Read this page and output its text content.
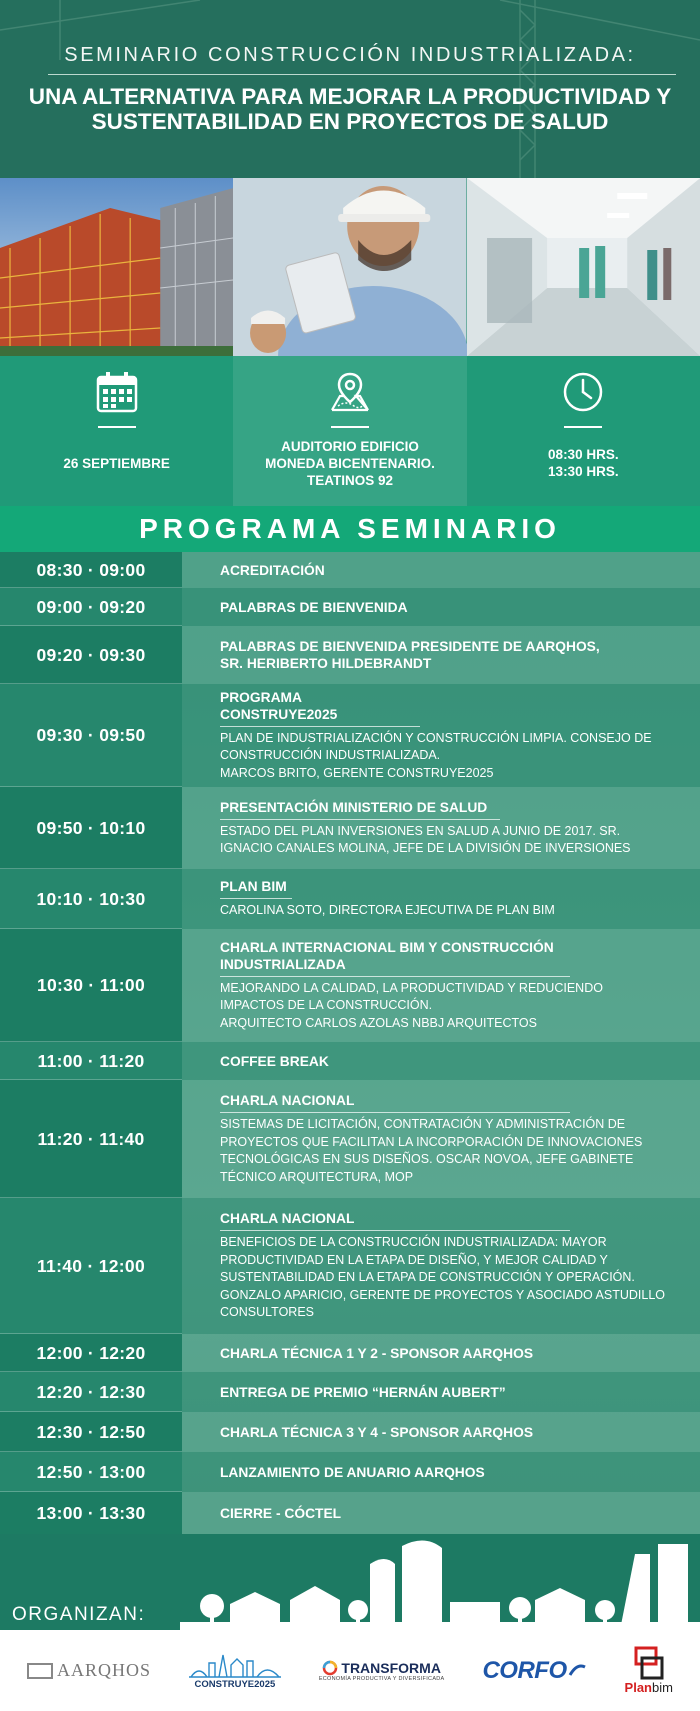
SEMINARIO CONSTRUCCIÓN INDUSTRIALIZADA:
UNA ALTERNATIVA PARA MEJORAR LA PRODUCTIVIDAD Y
SUSTENTABILIDAD EN PROYECTOS DE SALUD
26 SEPTIEMBRE
AUDITORIO EDIFICIO
MONEDA BICENTENARIO.
TEATINOS 92
08:30 HRS.
13:30 HRS.
PROGRAMA SEMINARIO
08:30 · 09:00	ACREDITACIÓN
09:00 · 09:20	PALABRAS DE BIENVENIDA
09:20 · 09:30	PALABRAS DE BIENVENIDA PRESIDENTE DE AARQHOS,
SR. HERIBERTO HILDEBRANDT
09:30 · 09:50
PROGRAMA CONSTRUYE2025
PLAN DE INDUSTRIALIZACIÓN Y CONSTRUCCIÓN LIMPIA. CONSEJO DE
CONSTRUCCIÓN INDUSTRIALIZADA.
MARCOS BRITO, GERENTE CONSTRUYE2025
09:50 · 10:10
PRESENTACIÓN MINISTERIO DE SALUD
ESTADO DEL PLAN INVERSIONES EN SALUD A JUNIO DE 2017. SR.
IGNACIO CANALES MOLINA, JEFE DE LA DIVISIÓN DE INVERSIONES
10:10 · 10:30
PLAN BIM
CAROLINA SOTO, DIRECTORA EJECUTIVA DE PLAN BIM
10:30 · 11:00
CHARLA INTERNACIONAL BIM Y CONSTRUCCIÓN
INDUSTRIALIZADA
MEJORANDO LA CALIDAD, LA PRODUCTIVIDAD Y REDUCIENDO
IMPACTOS DE LA CONSTRUCCIÓN.
ARQUITECTO CARLOS AZOLAS NBBJ ARQUITECTOS
11:00 · 11:20	COFFEE BREAK
11:20 · 11:40
CHARLA NACIONAL
SISTEMAS DE LICITACIÓN, CONTRATACIÓN Y ADMINISTRACIÓN DE
PROYECTOS QUE FACILITAN LA INCORPORACIÓN DE INNOVACIONES
TECNOLÓGICAS EN SUS DISEÑOS. OSCAR NOVOA, JEFE GABINETE
TÉCNICO ARQUITECTURA, MOP
11:40 · 12:00
CHARLA NACIONAL
BENEFICIOS DE LA CONSTRUCCIÓN INDUSTRIALIZADA: MAYOR
PRODUCTIVIDAD EN LA ETAPA DE DISEÑO, Y MEJOR CALIDAD Y
SUSTENTABILIDAD EN LA ETAPA DE CONSTRUCCIÓN Y OPERACIÓN.
GONZALO APARICIO, GERENTE DE PROYECTOS Y ASOCIADO ASTUDILLO
CONSULTORES
12:00 · 12:20	CHARLA TÉCNICA 1 Y 2 - SPONSOR AARQHOS
12:20 · 12:30	ENTREGA DE PREMIO “HERNÁN AUBERT”
12:30 · 12:50	CHARLA TÉCNICA 3 Y 4 - SPONSOR AARQHOS
12:50 · 13:00	LANZAMIENTO DE ANUARIO AARQHOS
13:00 · 13:30	CIERRE - CÓCTEL
ORGANIZAN:
AARQHOS
CONSTRUYE2025
TRANSFORMA
ECONOMÍA PRODUCTIVA Y DIVERSIFICADA CORFO
Planbim
